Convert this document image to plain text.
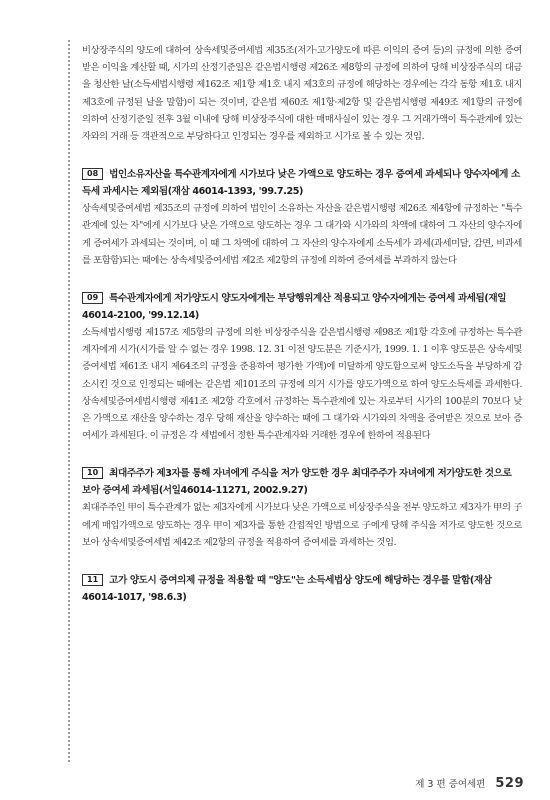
비상장주식의 양도에 대하여 상속세및증여세법 제35조(저가·고가양도에 따른 이익의 증여 등)의 규정에 의한 증여받은 이익을 계산할 때, 시가의 산정기준일은 같은법시행령 제26조 제8항의 규정에 의하여 당해 비상장주식의 대금을 청산한 날(소득세법시행령 제162조 제1항 제1호 내지 제3호의 규정에 해당하는 경우에는 각각 동항 제1호 내지 제3호에 규정된 날을 말함)이 되는 것이며, 같은법 제60조 제1항·제2항 및 같은법시행령 제49조 제1항의 규정에 의하여 산정기준일 전후 3월 이내에 당해 비상장주식에 대한 매매사실이 있는 경우 그 거래가액이 특수관계에 있는 자와의 거래 등 객관적으로 부당하다고 인정되는 경우를 제외하고 시가로 볼 수 있는 것임.

08 법인소유자산을 특수관계자에게 시가보다 낮은 가액으로 양도하는 경우 증여세 과세되나 양수자에게 소득세 과세시는 제외됨(재삼 46014-1393, '99.7.25)

상속세및증여세법 제35조의 규정에 의하여 법인이 소유하는 자산을 같은법시행령 제26조 제4항에 규정하는 "특수관계에 있는 자"에게 시가보다 낮은 가액으로 양도하는 경우 그 대가와 시가와의 차액에 대하여 그 자산의 양수자에게 증여세가 과세되는 것이며, 이 때 그 차액에 대하여 그 자산의 양수자에게 소득세가 과세(과세미달, 감면, 비과세를 포함함)되는 때에는 상속세및증여세법 제2조 제2항의 규정에 의하여 증여세를 부과하지 않는다

09 특수관계자에게 저가양도시 양도자에게는 부당행위계산 적용되고 양수자에게는 증여세 과세됨(재일 46014-2100, '99.12.14)

소득세법시행령 제157조 제5항의 규정에 의한 비상장주식을 같은법시행령 제98조 제1항 각호에 규정하는 특수관계자에게 시가(시가를 알 수 없는 경우 1998. 12. 31 이전 양도분은 기준시가, 1999. 1. 1 이후 양도분은 상속세및증여세법 제61조 내지 제64조의 규정을 준용하여 평가한 가액)에 미달하게 양도함으로써 양도소득을 부당하게 감소시킨 것으로 인정되는 때에는 같은법 제101조의 규정에 의거 시가를 양도가액으로 하여 양도소득세를 과세한다. 상속세및증여세법시행령 제41조 제2항 각호에서 규정하는 특수관계에 있는 자로부터 시가의 100분의 70보다 낮은 가액으로 재산을 양수하는 경우 당해 재산을 양수하는 때에 그 대가와 시가와의 차액을 증여받은 것으로 보아 증여세가 과세된다. 이 규정은 각 세법에서 정한 특수관계자와 거래한 경우에 한하여 적용된다

10 최대주주가 제3자를 통해 자녀에게 주식을 저가 양도한 경우 최대주주가 자녀에게 저가양도한 것으로 보아 증여세 과세됨(서일46014-11271, 2002.9.27)

최대주주인 甲이 특수관계가 없는 제3자에게 시가보다 낮은 가액으로 비상장주식을 전부 양도하고 제3자가 甲의 子에게 매입가액으로 양도하는 경우 甲이 제3자를 통한 간접적인 방법으로 子에게 당해 주식을 저가로 양도한 것으로 보아 상속세및증여세법 제42조 제2항의 규정을 적용하여 증여세를 과세하는 것임.

11 고가 양도시 증여의제 규정을 적용할 때 "양도"는 소득세법상 양도에 해당하는 경우를 말함(재삼 46014-1017, '98.6.3)
제 3 편 증여세편 529
